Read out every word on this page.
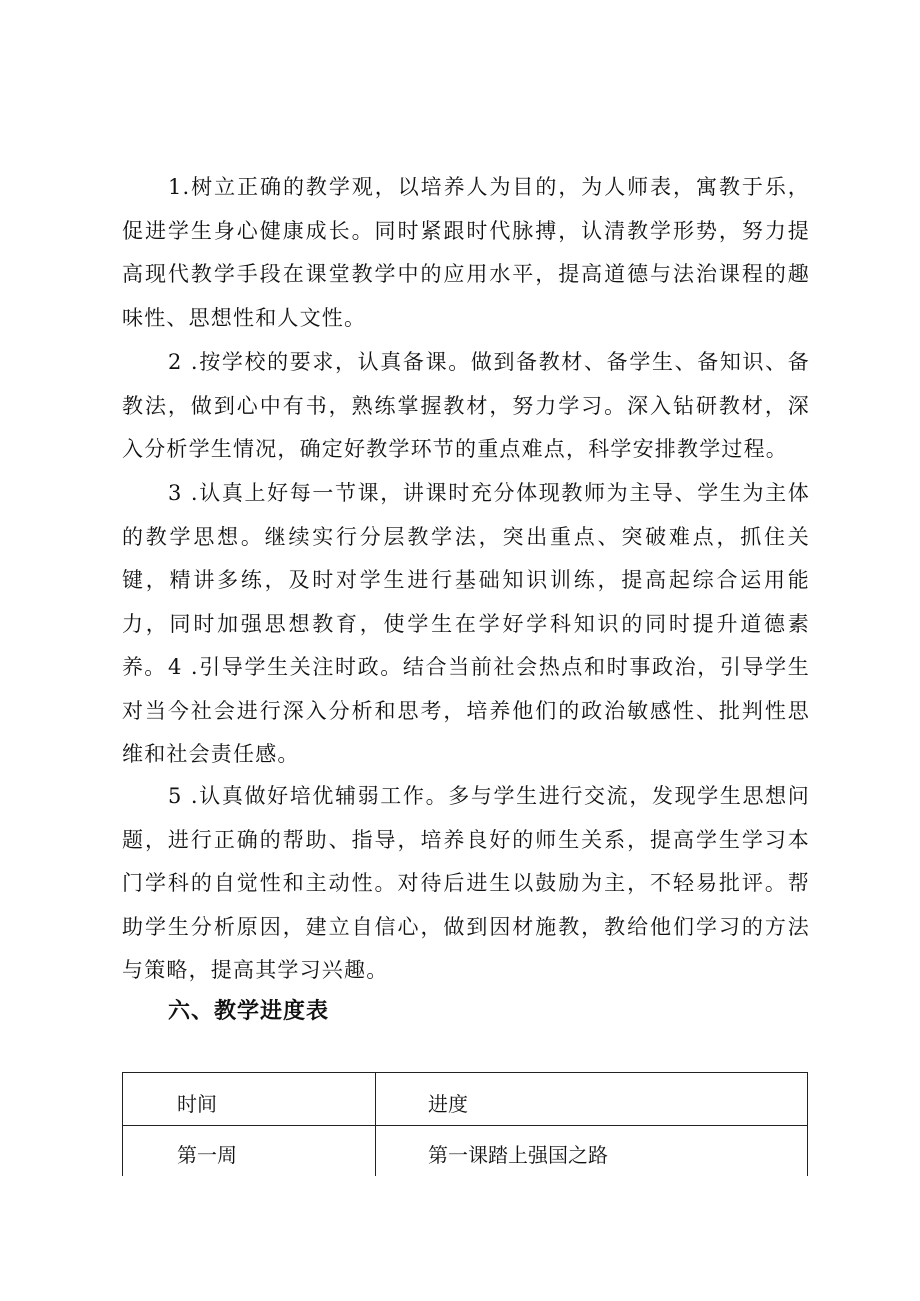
1.树立正确的教学观，以培养人为目的，为人师表，寓教于乐，促进学生身心健康成长。同时紧跟时代脉搏，认清教学形势，努力提高现代教学手段在课堂教学中的应用水平，提高道德与法治课程的趣味性、思想性和人文性。

2 .按学校的要求，认真备课。做到备教材、备学生、备知识、备教法，做到心中有书，熟练掌握教材，努力学习。深入钻研教材，深入分析学生情况，确定好教学环节的重点难点，科学安排教学过程。

3 .认真上好每一节课，讲课时充分体现教师为主导、学生为主体的教学思想。继续实行分层教学法，突出重点、突破难点，抓住关键，精讲多练，及时对学生进行基础知识训练，提高起综合运用能力，同时加强思想教育，使学生在学好学科知识的同时提升道德素养。 4 .引导学生关注时政。结合当前社会热点和时事政治，引导学生对当今社会进行深入分析和思考，培养他们的政治敏感性、批判性思维和社会责任感。

5 .认真做好培优辅弱工作。多与学生进行交流，发现学生思想问题，进行正确的帮助、指导，培养良好的师生关系，提高学生学习本门学科的自觉性和主动性。对待后进生以鼓励为主，不轻易批评。帮助学生分析原因，建立自信心，做到因材施教，教给他们学习的方法与策略，提高其学习兴趣。

六、教学进度表
时间	进度

第一周	第一课踏上强国之路
